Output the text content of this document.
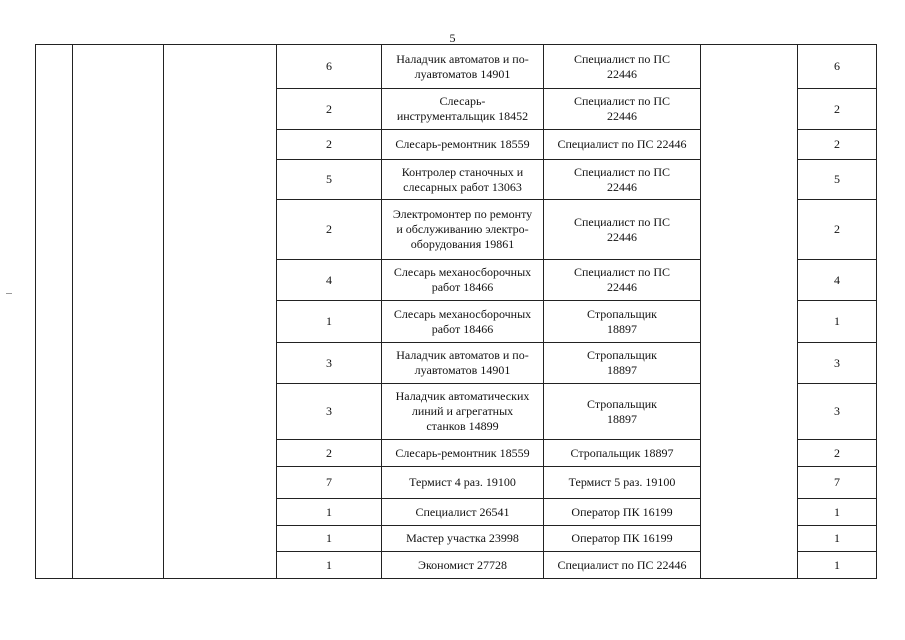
5
			6	Наладчик автоматов и по-
луавтоматов 14901	Специалист по ПС
22446		6
			2	Слесарь-
инструментальщик 18452	Специалист по ПС
22446		2
			2	Слесарь-ремонтник 18559	Специалист по ПС 22446		2
			5	Контролер станочных и
слесарных работ 13063	Специалист по ПС
22446		5
			2	Электромонтер по ремонту
и обслуживанию электро-
оборудования 19861	Специалист по ПС
22446		2
			4	Слесарь механосборочных
работ 18466	Специалист по ПС
22446		4
			1	Слесарь механосборочных
работ 18466	Стропальщик
18897		1
			3	Наладчик автоматов и по-
луавтоматов 14901	Стропальщик
18897		3
			3	Наладчик автоматических
линий и агрегатных
станков 14899	Стропальщик
18897		3
			2	Слесарь-ремонтник 18559	Стропальщик 18897		2
			7	Термист 4 раз. 19100	Термист 5 раз. 19100		7
			1	Специалист 26541	Оператор ПК 16199		1
			1	Мастер участка 23998	Оператор ПК 16199		1
			1	Экономист 27728	Специалист по ПС 22446		1
